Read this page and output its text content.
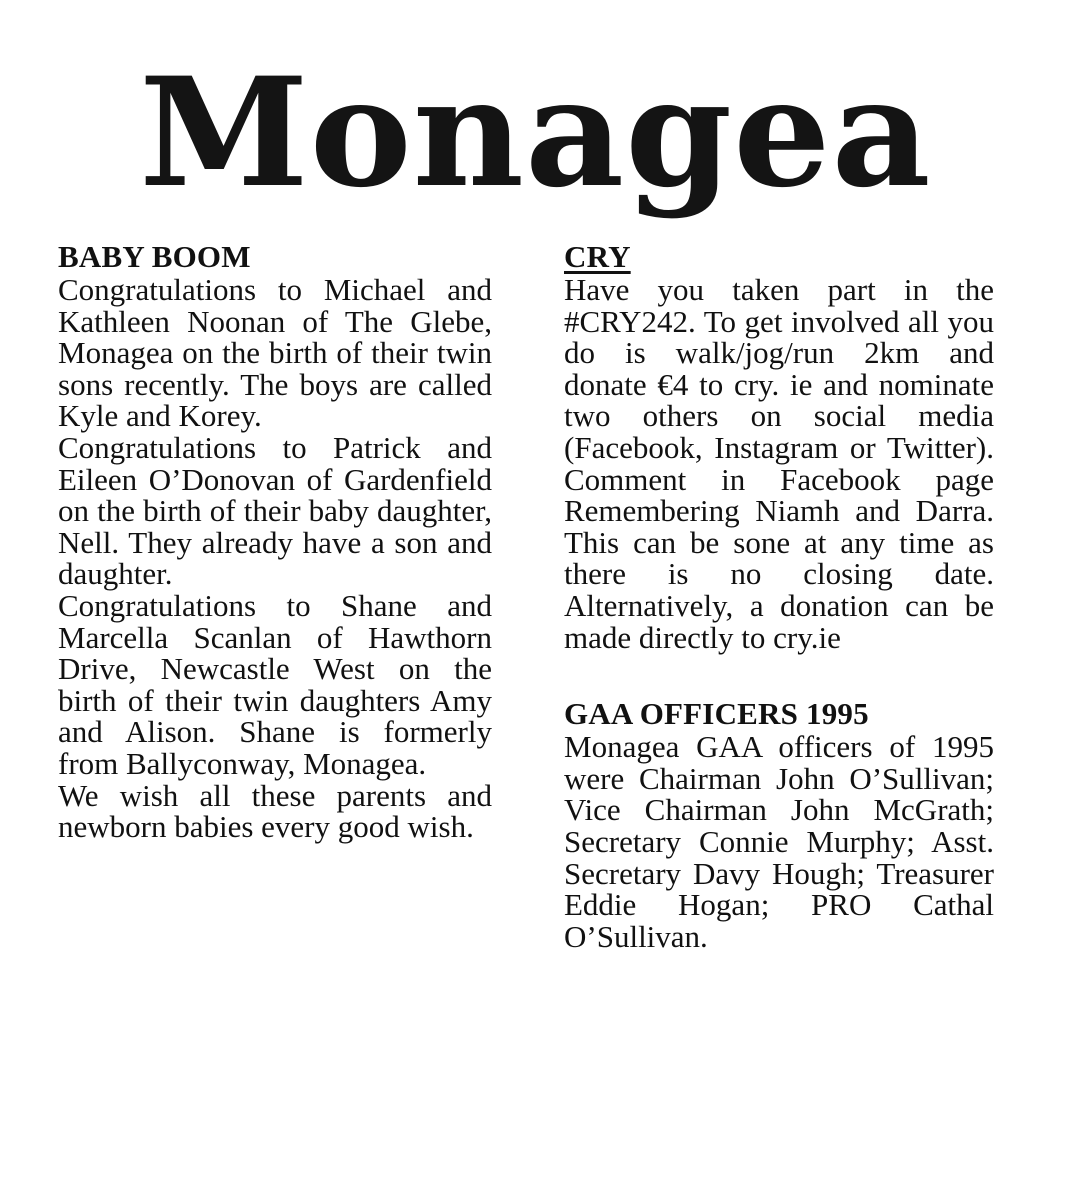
Monagea
BABY BOOM

Congratulations to Michael and Kathleen Noonan of The Glebe, Monagea on the birth of their twin sons recently. The boys are called Kyle and Korey.

Congratulations to Patrick and Eileen O’Donovan of Gardenfield on the birth of their baby daughter, Nell. They already have a son and daughter.

Congratulations to Shane and Marcella Scanlan of Hawthorn Drive, Newcastle West on the birth of their twin daughters Amy and Alison. Shane is formerly from Ballyconway, Monagea.

We wish all these parents and newborn babies every good wish.

CRY

Have you taken part in the #CRY242. To get involved all you do is walk/jog/run 2km and donate €4 to cry. ie and nominate two others on social media (Facebook, Instagram or Twitter). Comment in Facebook page Remembering Niamh and Darra. This can be sone at any time as there is no closing date. Alternatively, a donation can be made directly to cry.ie

GAA OFFICERS 1995

Monagea GAA officers of 1995 were Chairman John O’Sullivan; Vice Chairman John McGrath; Secretary Connie Murphy; Asst. Secretary Davy Hough; Treasurer Eddie Hogan; PRO Cathal O’Sullivan.
